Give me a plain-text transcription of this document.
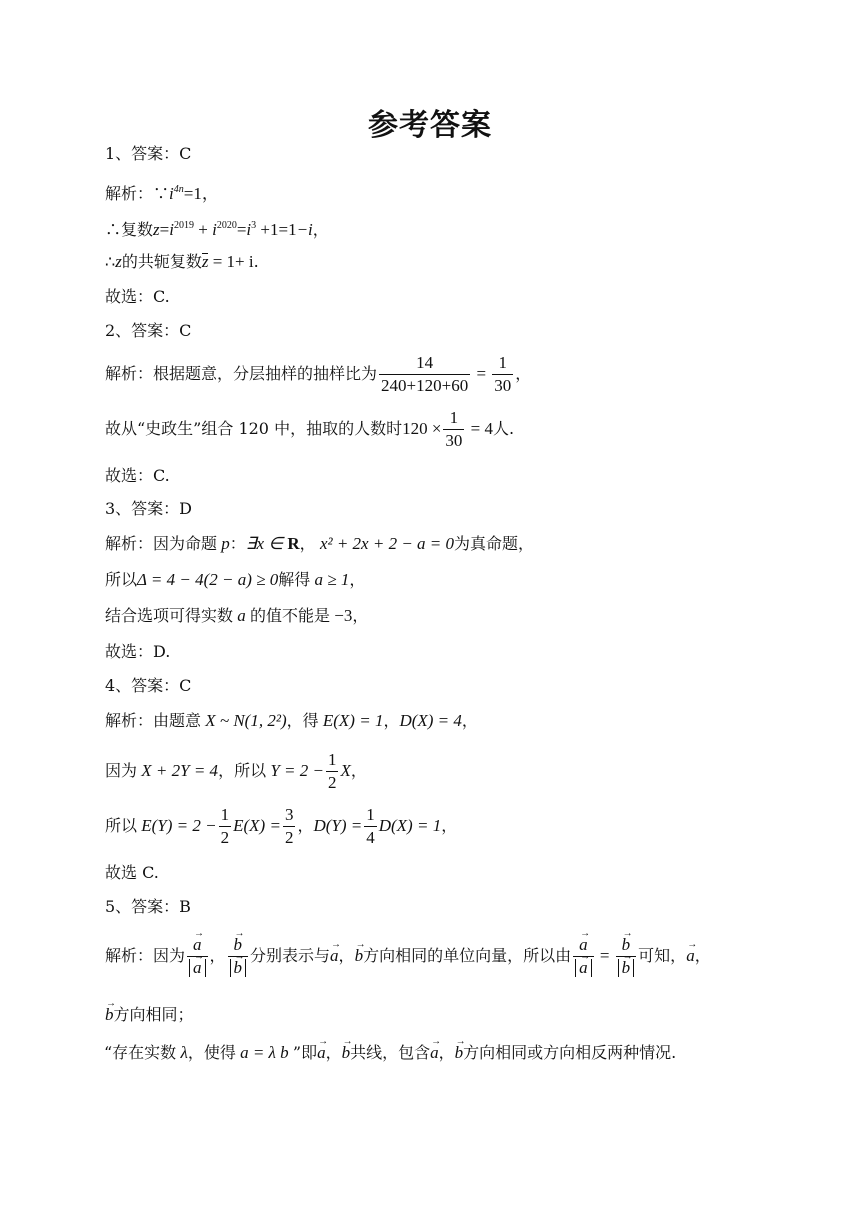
参考答案
1、答案：C
解析：$\because i^{4n}=1$，
∴复数$z=i^{2019} + i^{2020}=i^3 +1=1-i$，
∴z的共轭复数z = 1+ i.
故选：C.
2、答案：C
解析：根据题意，分层抽样的抽样比为 $\frac{14}{240+120+60} = \frac{1}{30}$ ，
故从“史政生”组合 120 中，抽取的人数时$120 \times \frac{1}{30} = 4$人.
故选：C.
3、答案：D
解析：因为命题 p：∃x ∈ R， x² + 2x + 2 − a = 0为真命题，
所以Δ = 4 − 4(2 − a) ≥ 0解得 a ≥ 1，
结合选项可得实数 a 的值不能是 −3，
故选：D.
4、答案：C
解析：由题意 X ~ N(1, 2²)，得 E(X) = 1，D(X) = 4，
因为 X + 2Y = 4，所以 $Y = 2 - \frac{1}{2}$ X，
所以 $E(Y) = 2 - \frac{1}{2} E(X) = \frac{3}{2}$ ，$D(Y) = \frac{1}{4} D(X) = 1$，
故选 C.
5、答案：B
解析：因为 →
a
→
a ， →
b
→
b 分别表示与
→
a，
→
b方向相同的单位向量，所以由 →
a
→
a = →
b
→
b 可知，
→
a，
→
b方向相同；
“存在实数 λ，使得 a = λ b ”即
→
a，
→
b共线，包含
→
a，
→
b方向相同或方向相反两种情况.
